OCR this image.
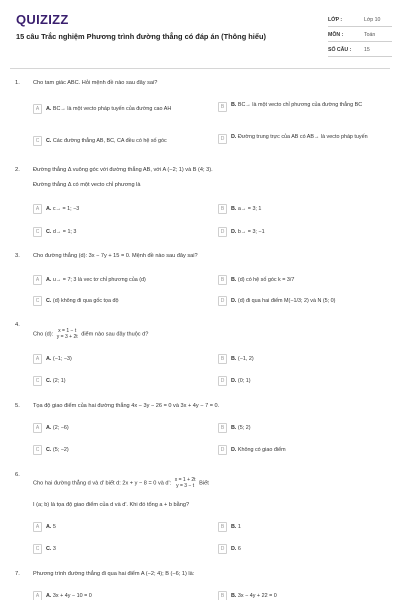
QUIZIZZ
15 câu Trắc nghiệm Phương trình đường thẳng có đáp án (Thông hiểu)
LỚP :	Lớp 10
MÔN :	Toán
SỐ CÂU : 15
1. Cho tam giác ABC. Hỏi mệnh đề nào sau đây sai?
A	A. BC→ là một vecto pháp tuyến của đường cao AH	B	B. BC→ là một vecto chỉ phương của đường thẳng BC
C	C. Các đường thẳng AB, BC, CA đều có hệ số góc	D	D. Đường trung trực của AB có AB→ là vecto pháp tuyến
2. Đường thẳng Δ vuông góc với đường thẳng AB, với A (−2; 1) và B (4; 3).
Đường thẳng Δ có một vecto chỉ phương là
A	A. c→ = 1; −3	B	B. a→ = 3; 1
C	C. d→ = 1; 3	D	D. b→ = 3; −1
3. Cho đường thẳng (d): 3x − 7y + 15 = 0. Mệnh đề nào sau đây sai?
A	A. u→ = 7; 3 là vec tơ chỉ phương của (d)	B	B. (d) có hệ số góc k = 3/7
C	C. (d) không đi qua gốc tọa độ	D	D. (d) đi qua hai điểm M(−1/3; 2) và N (5; 0)
4.
Cho (d):
x = 1 − t
y = 3 + 2t điểm nào sau đây thuộc d?
A	A. (−1; −3)	B	B. (−1, 2)
C	C. (2; 1)	D	D. (0; 1)
5. Tọa độ giao điểm của hai đường thẳng 4x − 3y − 26 = 0 và 3x + 4y − 7 = 0.
A	A. (2; −6)	B	B. (5; 2)
C	C. (5; −2)	D	D. Không có giao điểm
6.
Cho hai đường thẳng d và d' biết d: 2x + y − 8 = 0 và d':
x = 1 + 2t
y = 3 − t Biết
I (a; b) là tọa độ giao điểm của d và d'. Khi đó tổng a + b bằng?
A	A. 5	B	B. 1
C	C. 3	D	D. 6
7. Phương trình đường thẳng đi qua hai điểm A (−2; 4); B (−6; 1) là:
A	A. 3x + 4y − 10 = 0	B	B. 3x − 4y + 22 = 0
